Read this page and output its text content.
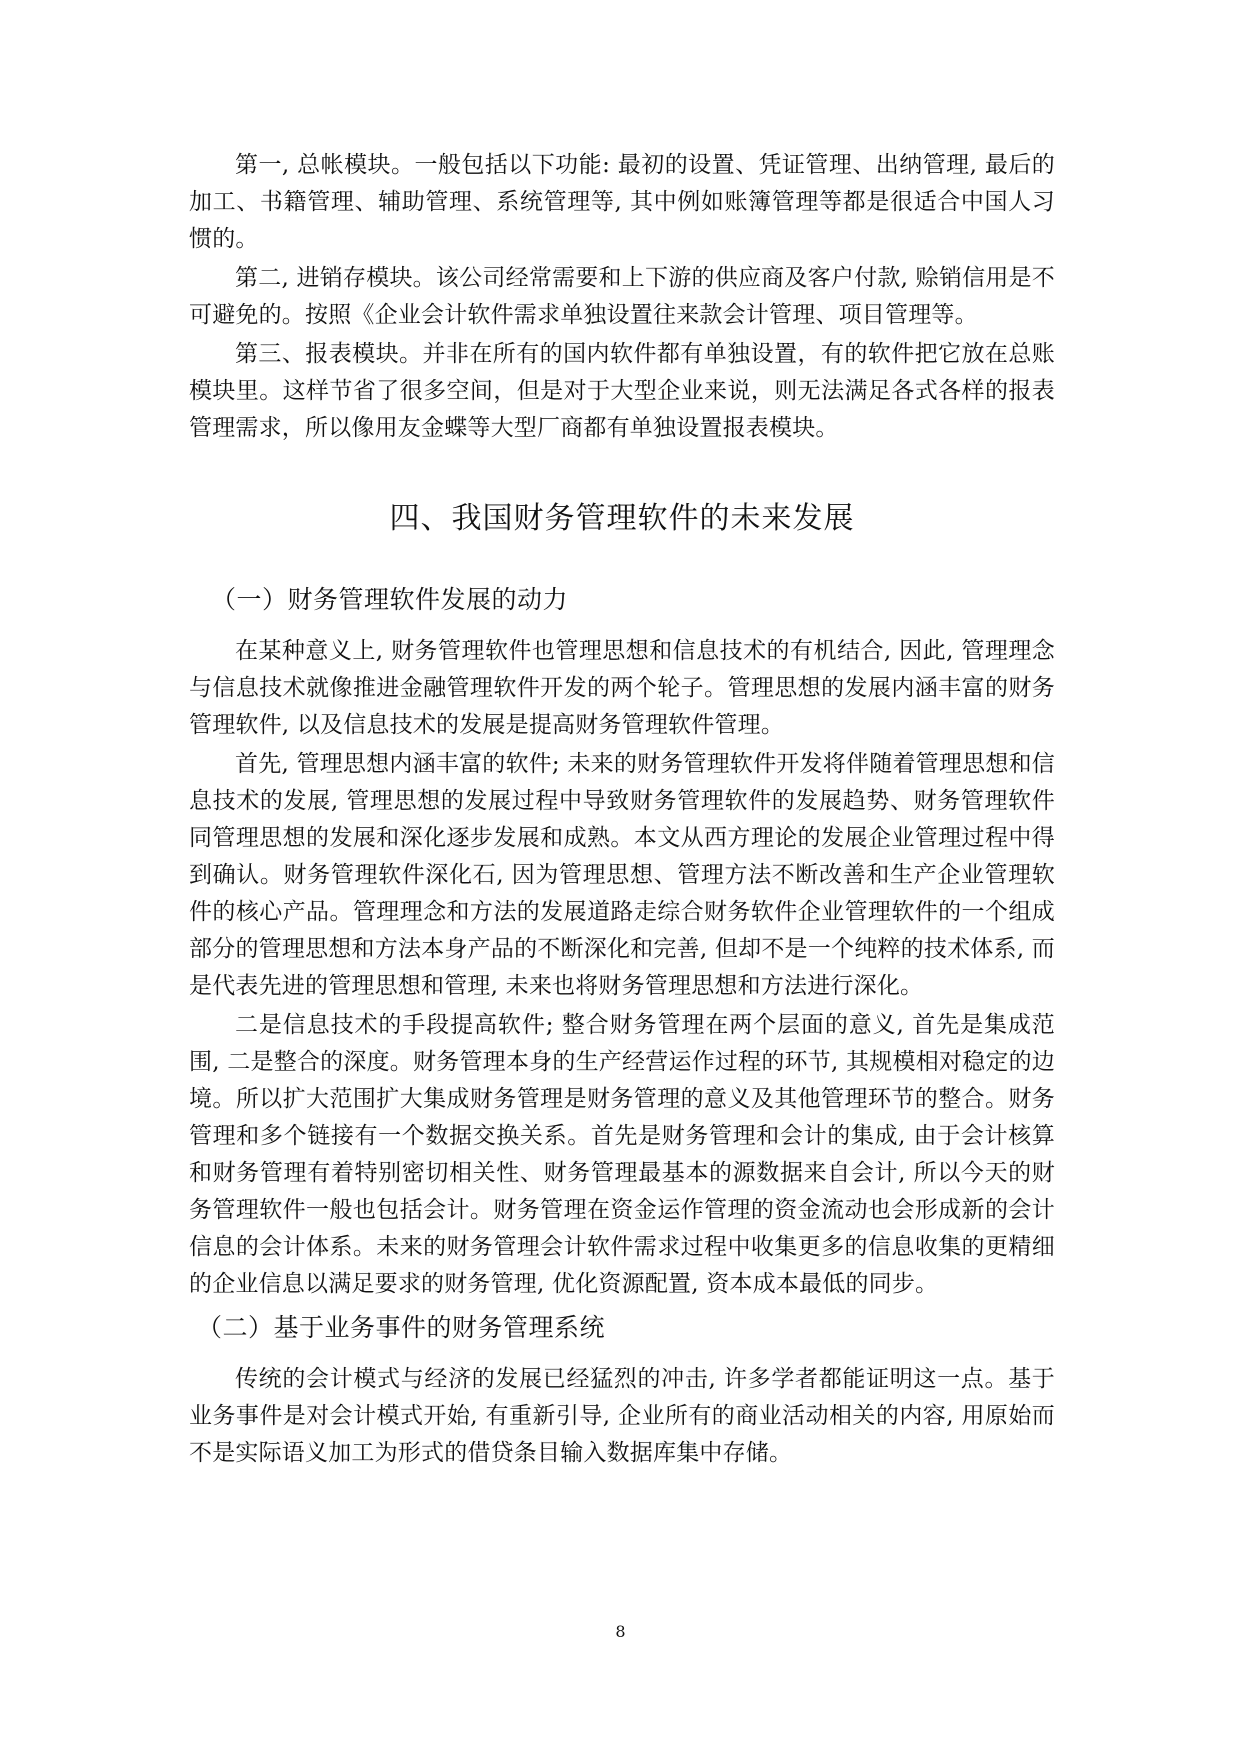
第一, 总帐模块。一般包括以下功能: 最初的设置、凭证管理、出纳管理, 最后的加工、书籍管理、辅助管理、系统管理等, 其中例如账簿管理等都是很适合中国人习惯的。

第二, 进销存模块。该公司经常需要和上下游的供应商及客户付款, 赊销信用是不可避免的。按照《企业会计软件需求单独设置往来款会计管理、项目管理等。

第三、报表模块。并非在所有的国内软件都有单独设置，有的软件把它放在总账模块里。这样节省了很多空间，但是对于大型企业来说，则无法满足各式各样的报表管理需求，所以像用友金蝶等大型厂商都有单独设置报表模块。

四、我国财务管理软件的未来发展
（一）财务管理软件发展的动力

在某种意义上, 财务管理软件也管理思想和信息技术的有机结合, 因此, 管理理念与信息技术就像推进金融管理软件开发的两个轮子。管理思想的发展内涵丰富的财务管理软件, 以及信息技术的发展是提高财务管理软件管理。

首先, 管理思想内涵丰富的软件; 未来的财务管理软件开发将伴随着管理思想和信息技术的发展, 管理思想的发展过程中导致财务管理软件的发展趋势、财务管理软件同管理思想的发展和深化逐步发展和成熟。本文从西方理论的发展企业管理过程中得到确认。财务管理软件深化石, 因为管理思想、管理方法不断改善和生产企业管理软件的核心产品。管理理念和方法的发展道路走综合财务软件企业管理软件的一个组成部分的管理思想和方法本身产品的不断深化和完善, 但却不是一个纯粹的技术体系, 而是代表先进的管理思想和管理, 未来也将财务管理思想和方法进行深化。

二是信息技术的手段提高软件; 整合财务管理在两个层面的意义, 首先是集成范围, 二是整合的深度。财务管理本身的生产经营运作过程的环节, 其规模相对稳定的边境。所以扩大范围扩大集成财务管理是财务管理的意义及其他管理环节的整合。财务管理和多个链接有一个数据交换关系。首先是财务管理和会计的集成, 由于会计核算和财务管理有着特别密切相关性、财务管理最基本的源数据来自会计, 所以今天的财务管理软件一般也包括会计。财务管理在资金运作管理的资金流动也会形成新的会计信息的会计体系。未来的财务管理会计软件需求过程中收集更多的信息收集的更精细的企业信息以满足要求的财务管理, 优化资源配置, 资本成本最低的同步。

（二）基于业务事件的财务管理系统

传统的会计模式与经济的发展已经猛烈的冲击, 许多学者都能证明这一点。基于业务事件是对会计模式开始, 有重新引导, 企业所有的商业活动相关的内容, 用原始而不是实际语义加工为形式的借贷条目输入数据库集中存储。

8
